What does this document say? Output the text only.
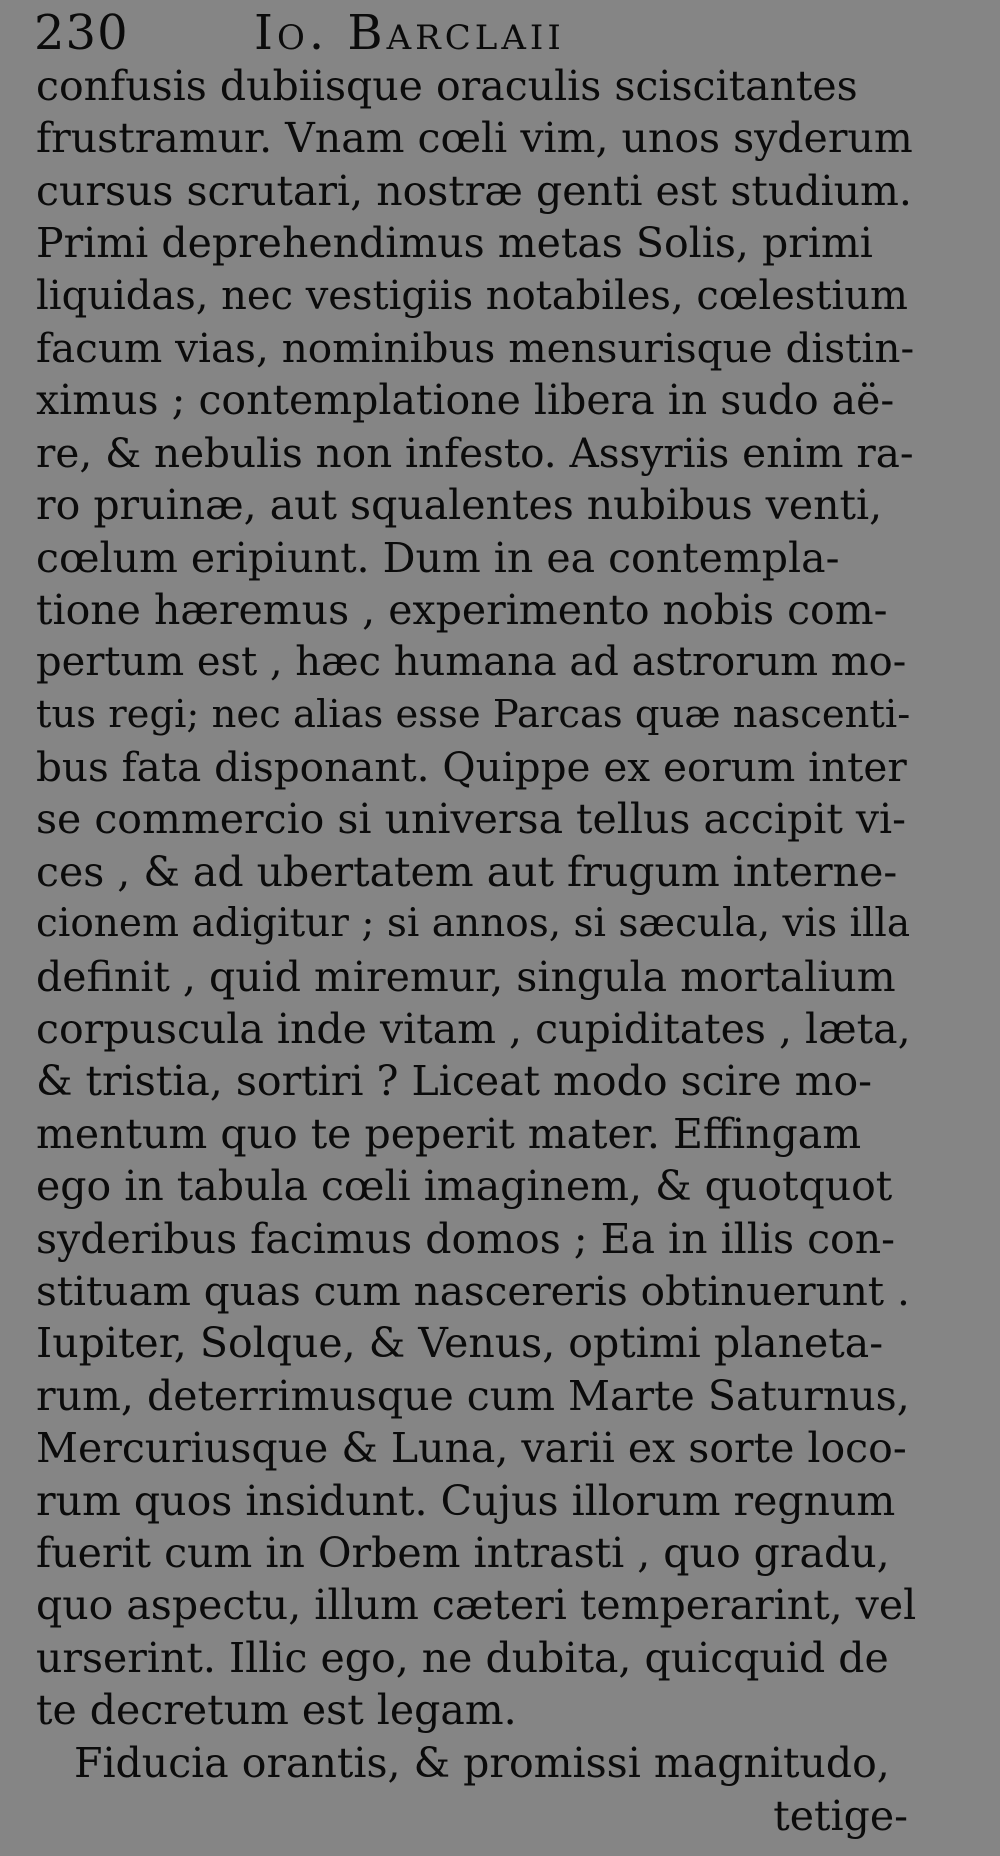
230	Io. Barclaii
confusis dubiisque oraculis sciscitantes
frustramur. Vnam cœli vim, unos syderum
cursus scrutari, nostræ genti est studium.
Primi deprehendimus metas Solis, primi
liquidas, nec vestigiis notabiles, cœlestium
facum vias, nominibus mensurisque distin-
ximus ; contemplatione libera in sudo aë-
re, & nebulis non infesto. Assyriis enim ra-
ro pruinæ, aut squalentes nubibus venti,
cœlum eripiunt. Dum in ea contempla-
tione hæremus , experimento nobis com-
pertum est , hæc humana ad astrorum mo-
tus regi; nec alias esse Parcas quæ nascenti-
bus fata disponant. Quippe ex eorum inter
se commercio si universa tellus accipit vi-
ces , & ad ubertatem aut frugum interne-
cionem adigitur ; si annos, si sæcula, vis illa
definit , quid miremur, singula mortalium
corpuscula inde vitam , cupiditates , læta,
& tristia, sortiri ? Liceat modo scire mo-
mentum quo te peperit mater. Effingam
ego in tabula cœli imaginem, & quotquot
syderibus facimus domos ; Ea in illis con-
stituam quas cum nascereris obtinuerunt .
Iupiter, Solque, & Venus, optimi planeta-
rum, deterrimusque cum Marte Saturnus,
Mercuriusque & Luna, varii ex sorte loco-
rum quos insidunt. Cujus illorum regnum
fuerit cum in Orbem intrasti , quo gradu,
quo aspectu, illum cæteri temperarint, vel
urserint. Illic ego, ne dubita, quicquid de
te decretum est legam.
Fiducia orantis, & promissi magnitudo,
tetige-
